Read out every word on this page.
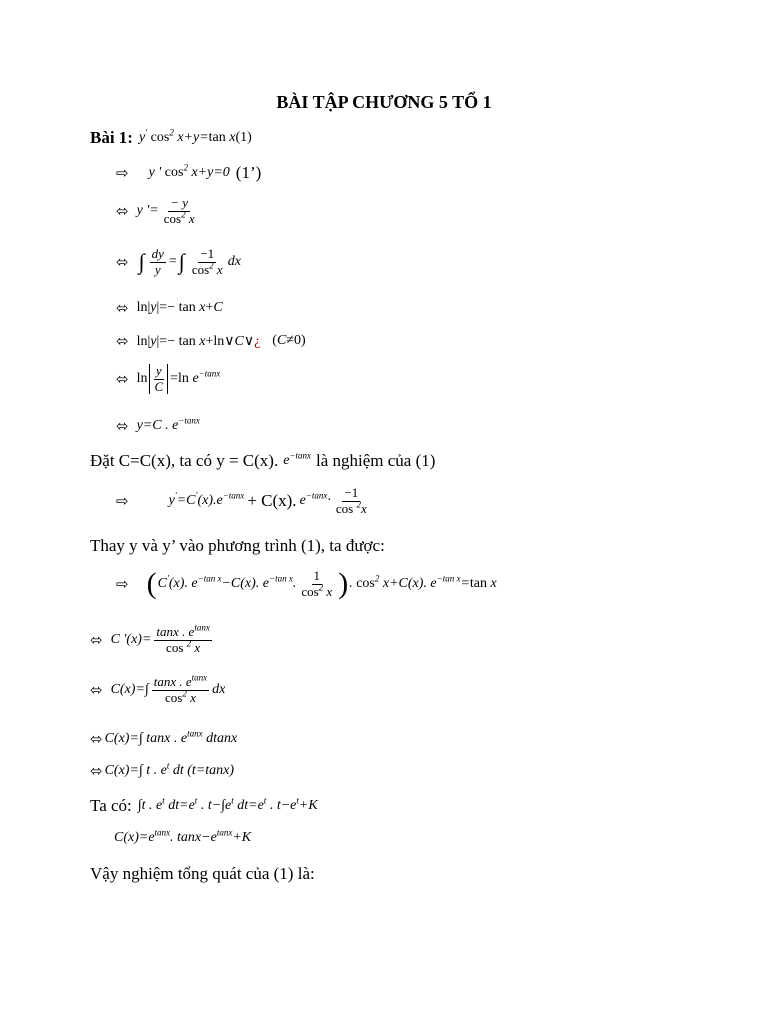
BÀI TẬP CHƯƠNG 5 TỔ 1
Bài 1: y' $\cos^2 x+y=\tan$ x(1)
⇨ y ' $\cos^2 x+y=0$ (1’)
⬄ y '= $\frac{- y}{\cos^2 x}$
⬄ ∫ $\frac{dy}{y}$ = ∫ $\frac{-1}{\cos^2 x}$ dx
⬄ ln|y|=− tan x+C
⬄ ln|y|=− tan x+ln∨C∨¿ (C≠0)
⬄ $\ln \frac{y}{C} =\ln$ $e^{-tanx}$
⬄ y=C . $e^{-tanx}$
Đặt C=C(x), ta có y = C(x). $e^{-tanx}$ là nghiệm của (1)
⇨	$y'=C'(x).e^{-tanx} + C(x)$. $e^{-tanx}\cdot \frac{-1}{\cos ^2x}$
Thay y và y’ vào phương trình (1), ta được:
⇨ ( C'(x). $e^{-tan x}-C(x)$. $e^{-tan x}$. $\frac{1}{\cos^2 x}$ ) . $\cos^2 x+C(x)$. $e^{-tan x}=\tan$ x
⬄ C '$(x)= \frac{\tan x . e^{tanx}}{\cos ^2 x}$
⬄ $C(x)=\int \frac{\tan x . e^{tanx}}{\cos^2 x}$ dx
⬄ C(x)=∫ tanx . $e^{tanx}$ dtanx
⬄ C(x)=∫ t . $e^t$ dt (t=tanx)
Ta có: ∫t . $e^t$ $dt=e^t$ . $t-\int e^t$ $dt=e^t$ . $t-e^t+K$
$C(x)=e^{tanx}$. $\tan x-e^{tanx}+K$
Vậy nghiệm tổng quát của (1) là:
